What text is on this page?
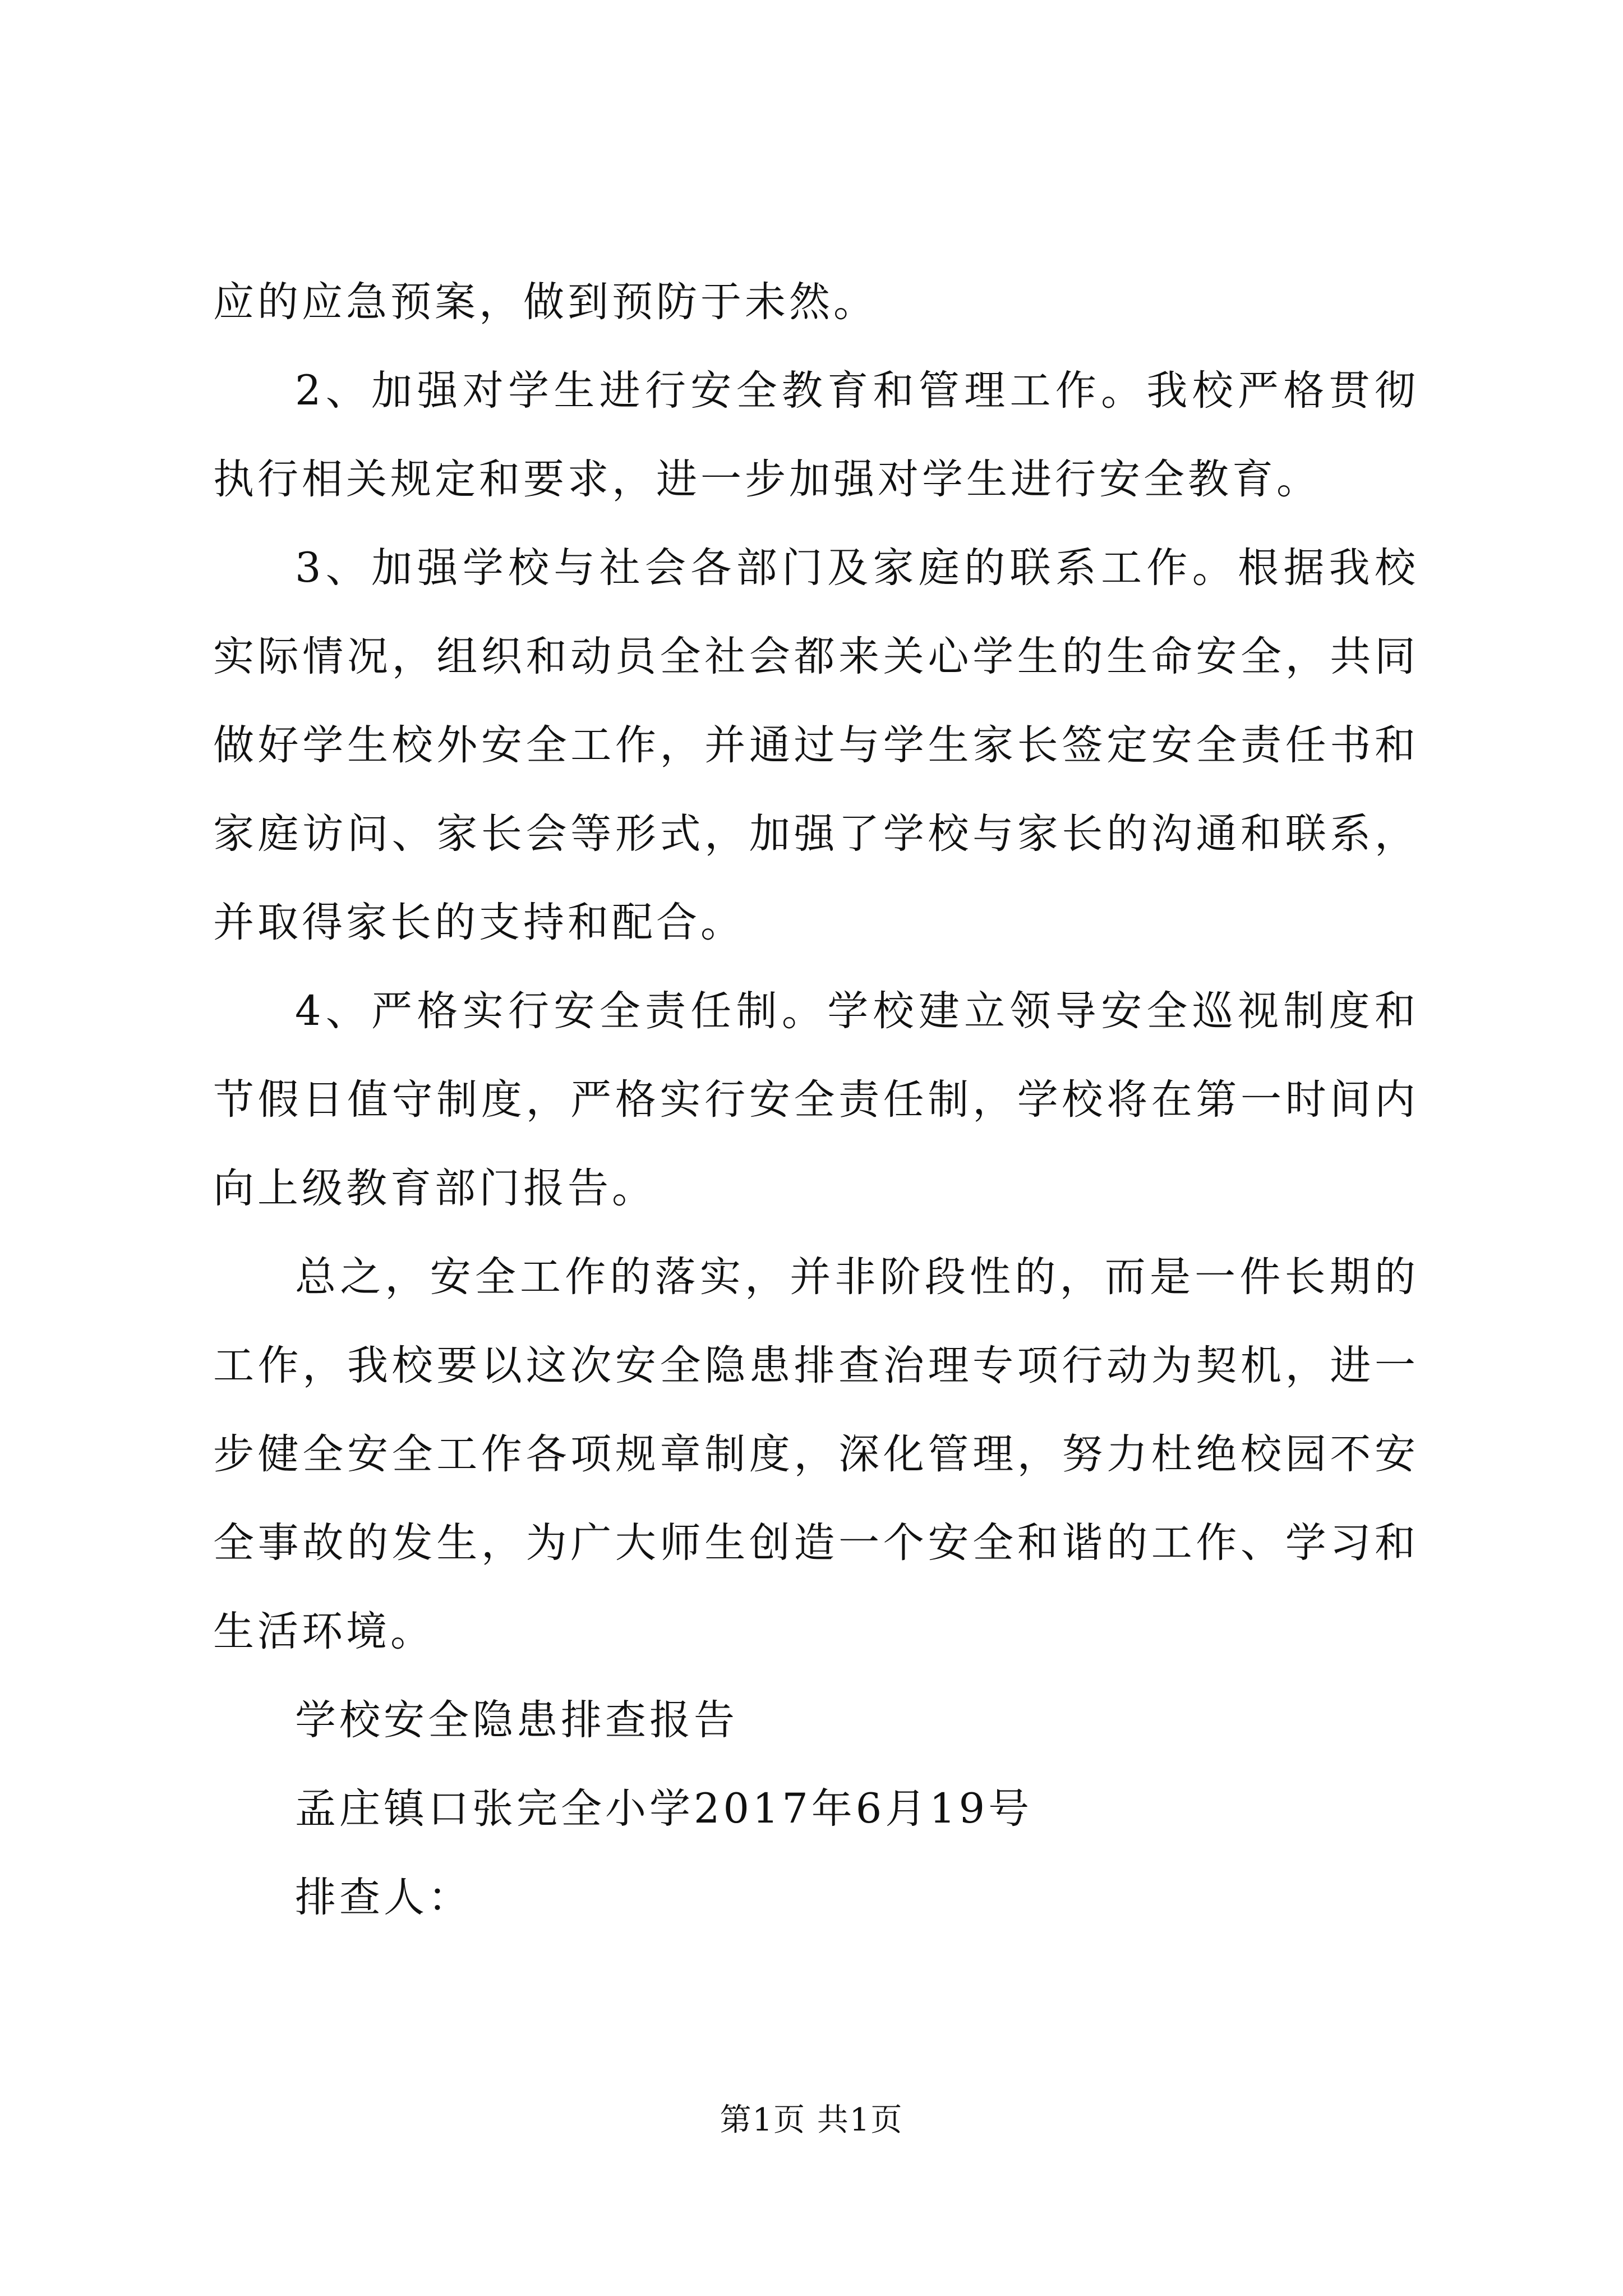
应的应急预案，做到预防于未然。

2、加强对学生进行安全教育和管理工作。我校严格贯彻执行相关规定和要求，进一步加强对学生进行安全教育。

3、加强学校与社会各部门及家庭的联系工作。根据我校实际情况，组织和动员全社会都来关心学生的生命安全，共同做好学生校外安全工作，并通过与学生家长签定安全责任书和家庭访问、家长会等形式，加强了学校与家长的沟通和联系，并取得家长的支持和配合。

4、严格实行安全责任制。学校建立领导安全巡视制度和节假日值守制度，严格实行安全责任制，学校将在第一时间内向上级教育部门报告。

总之，安全工作的落实，并非阶段性的，而是一件长期的工作，我校要以这次安全隐患排查治理专项行动为契机，进一步健全安全工作各项规章制度，深化管理，努力杜绝校园不安全事故的发生，为广大师生创造一个安全和谐的工作、学习和生活环境。

学校安全隐患排查报告

孟庄镇口张完全小学2017年6月19号

排查人：

第1页 共1页
